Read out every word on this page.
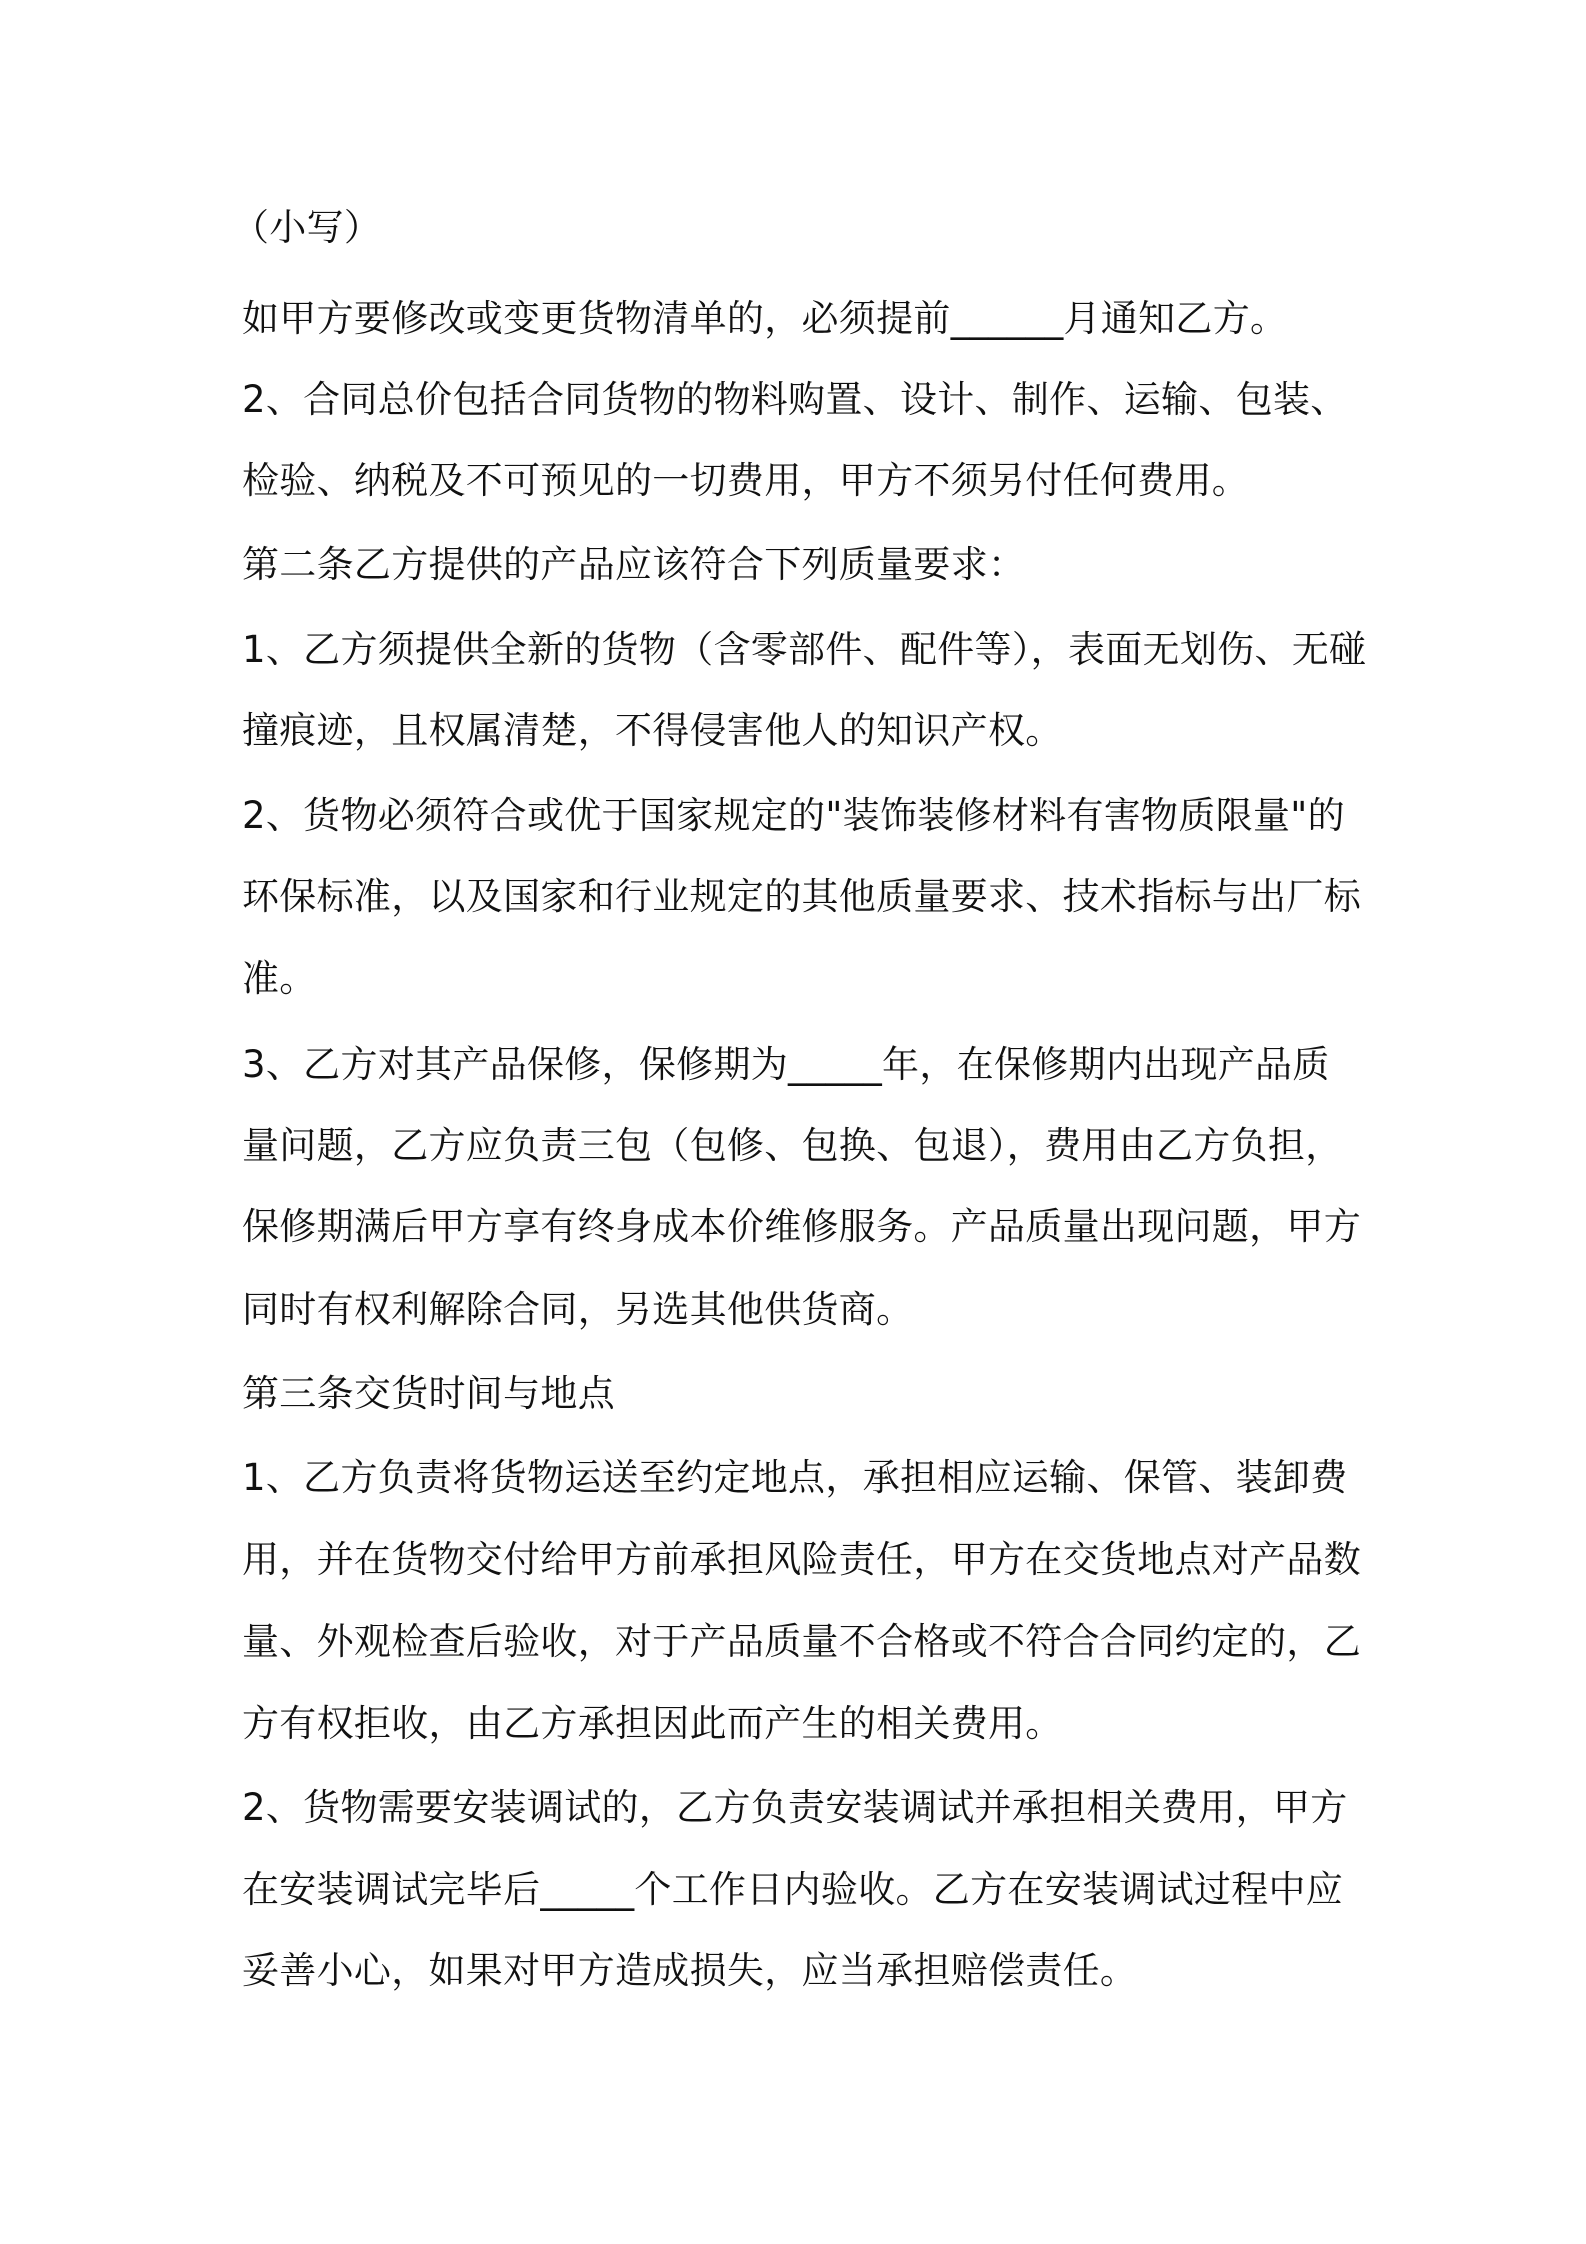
（小写）
如甲方要修改或变更货物清单的，必须提前______月通知乙方。
2、合同总价包括合同货物的物料购置、设计、制作、运输、包装、
检验、纳税及不可预见的一切费用，甲方不须另付任何费用。
第二条乙方提供的产品应该符合下列质量要求：
1、乙方须提供全新的货物（含零部件、配件等），表面无划伤、无碰
撞痕迹，且权属清楚，不得侵害他人的知识产权。
2、货物必须符合或优于国家规定的"装饰装修材料有害物质限量"的
环保标准，以及国家和行业规定的其他质量要求、技术指标与出厂标
准。
3、乙方对其产品保修，保修期为_____年，在保修期内出现产品质
量问题，乙方应负责三包（包修、包换、包退），费用由乙方负担，
保修期满后甲方享有终身成本价维修服务。产品质量出现问题，甲方
同时有权利解除合同，另选其他供货商。
第三条交货时间与地点
1、乙方负责将货物运送至约定地点，承担相应运输、保管、装卸费
用，并在货物交付给甲方前承担风险责任，甲方在交货地点对产品数
量、外观检查后验收，对于产品质量不合格或不符合合同约定的，乙
方有权拒收，由乙方承担因此而产生的相关费用。
2、货物需要安装调试的，乙方负责安装调试并承担相关费用，甲方
在安装调试完毕后_____个工作日内验收。乙方在安装调试过程中应
妥善小心，如果对甲方造成损失，应当承担赔偿责任。
